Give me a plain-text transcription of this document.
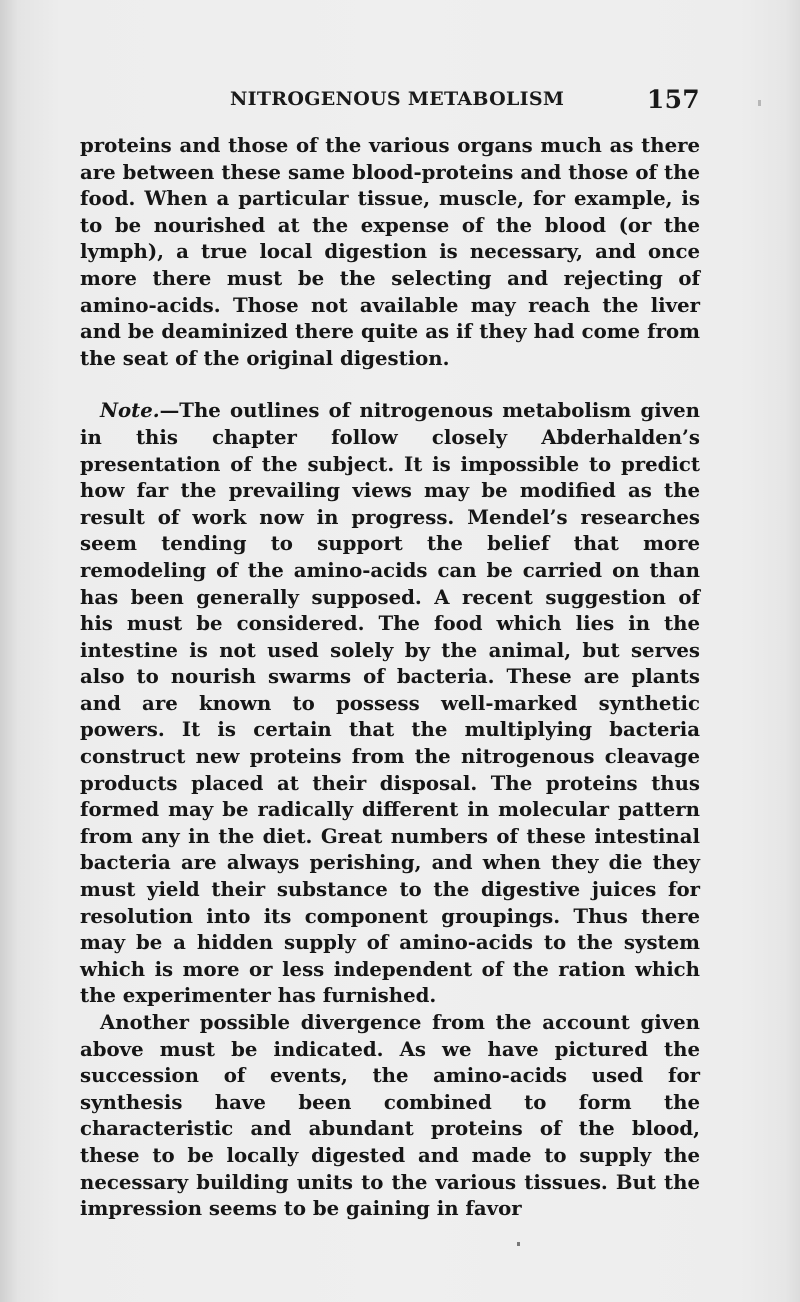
NITROGENOUS METABOLISM	157

proteins and those of the various organs much as there are between these same blood-proteins and those of the food. When a particular tissue, muscle, for example, is to be nourished at the expense of the blood (or the lymph), a true local digestion is necessary, and once more there must be the selecting and rejecting of amino-acids. Those not available may reach the liver and be deaminized there quite as if they had come from the seat of the original digestion.

Note.—The outlines of nitrogenous metabolism given in this chapter follow closely Abderhalden’s presentation of the subject. It is impossible to predict how far the prevailing views may be modified as the result of work now in progress. Mendel’s researches seem tending to support the belief that more remodeling of the amino-acids can be carried on than has been generally supposed. A recent suggestion of his must be considered. The food which lies in the intestine is not used solely by the animal, but serves also to nourish swarms of bacteria. These are plants and are known to possess well-marked synthetic powers. It is certain that the multiplying bacteria construct new proteins from the nitrogenous cleavage products placed at their disposal. The proteins thus formed may be radically different in molecular pattern from any in the diet. Great numbers of these intestinal bacteria are always perishing, and when they die they must yield their substance to the digestive juices for resolution into its component groupings. Thus there may be a hidden supply of amino-acids to the system which is more or less independent of the ration which the experimenter has furnished.

Another possible divergence from the account given above must be indicated. As we have pictured the succession of events, the amino-acids used for synthesis have been combined to form the characteristic and abundant proteins of the blood, these to be locally digested and made to supply the necessary building units to the various tissues. But the impression seems to be gaining in favor
